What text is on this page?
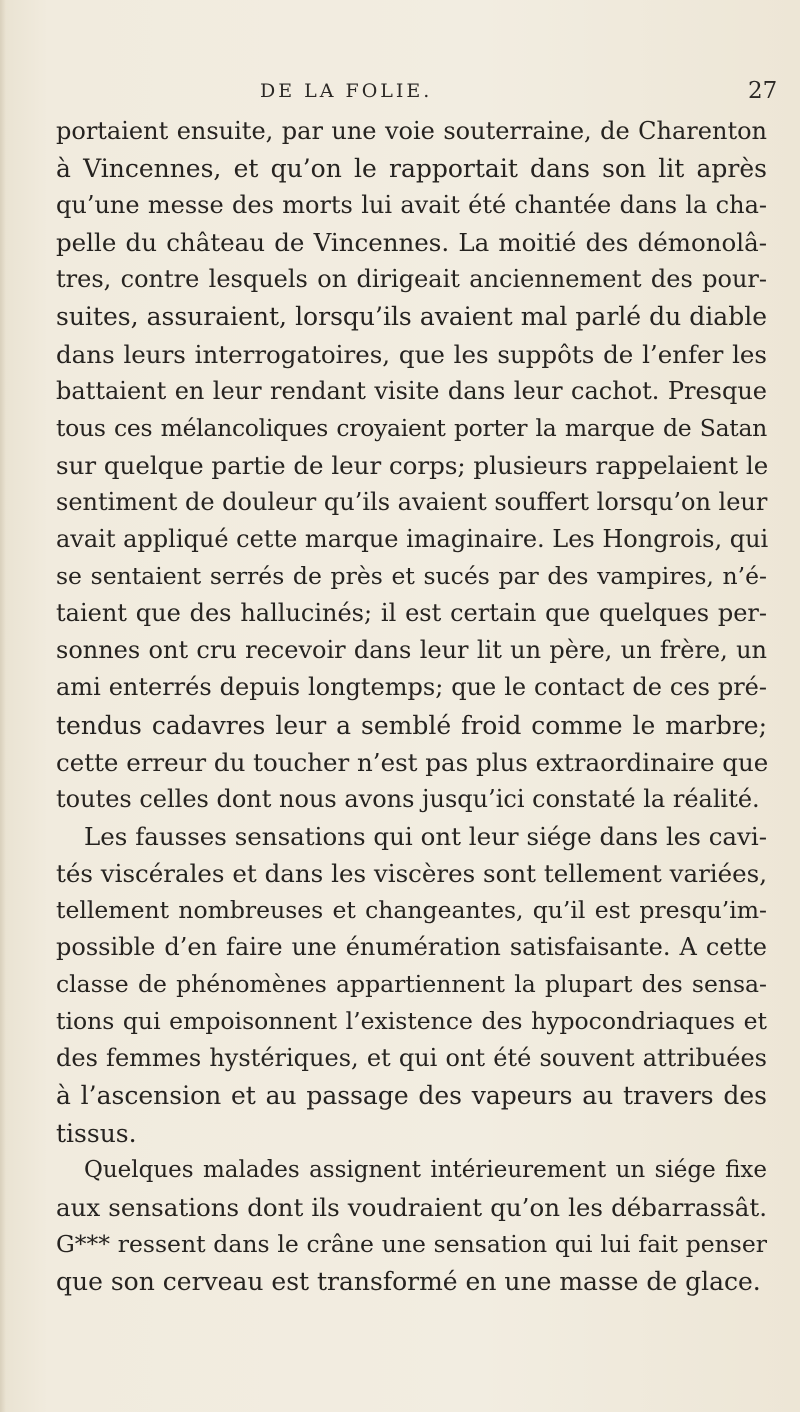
DE LA FOLIE.	27
portaient ensuite, par une voie souterraine, de Charenton
à Vincennes, et qu’on le rapportait dans son lit après
qu’une messe des morts lui avait été chantée dans la cha-
pelle du château de Vincennes. La moitié des démonolâ-
tres, contre lesquels on dirigeait anciennement des pour-
suites, assuraient, lorsqu’ils avaient mal parlé du diable
dans leurs interrogatoires, que les suppôts de l’enfer les
battaient en leur rendant visite dans leur cachot. Presque
tous ces mélancoliques croyaient porter la marque de Satan
sur quelque partie de leur corps; plusieurs rappelaient le
sentiment de douleur qu’ils avaient souffert lorsqu’on leur
avait appliqué cette marque imaginaire. Les Hongrois, qui
se sentaient serrés de près et sucés par des vampires, n’é-
taient que des hallucinés; il est certain que quelques per-
sonnes ont cru recevoir dans leur lit un père, un frère, un
ami enterrés depuis longtemps; que le contact de ces pré-
tendus cadavres leur a semblé froid comme le marbre;
cette erreur du toucher n’est pas plus extraordinaire que
toutes celles dont nous avons jusqu’ici constaté la réalité.
Les fausses sensations qui ont leur siége dans les cavi-
tés viscérales et dans les viscères sont tellement variées,
tellement nombreuses et changeantes, qu’il est presqu’im-
possible d’en faire une énumération satisfaisante. A cette
classe de phénomènes appartiennent la plupart des sensa-
tions qui empoisonnent l’existence des hypocondriaques et
des femmes hystériques, et qui ont été souvent attribuées
à l’ascension et au passage des vapeurs au travers des
tissus.
Quelques malades assignent intérieurement un siége fixe
aux sensations dont ils voudraient qu’on les débarrassât.
G*** ressent dans le crâne une sensation qui lui fait penser
que son cerveau est transformé en une masse de glace.
